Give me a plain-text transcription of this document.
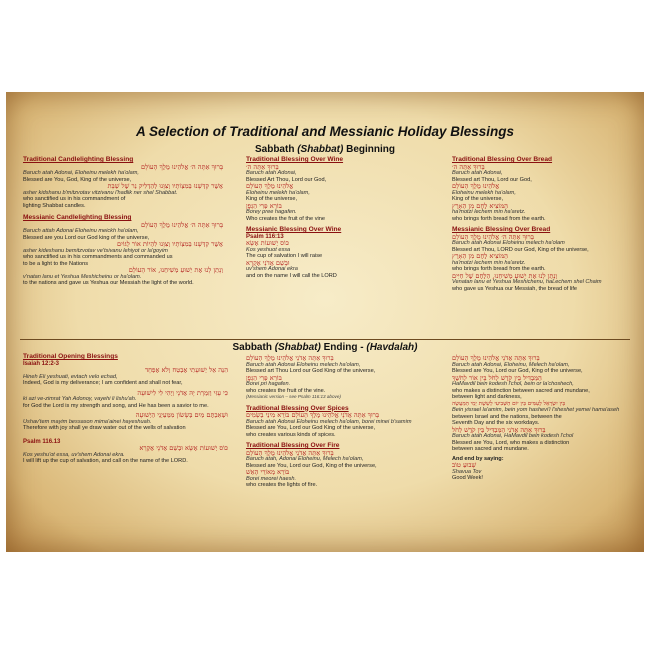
A Selection of Traditional and Messianic Holiday Blessings
Sabbath (Shabbat) Beginning
Traditional Candlelighting Blessing
בָּרוּךְ אַתָּה ה׳ אֱלֹהֵינוּ מֶלֶךְ הָעוֹלָם
Baruch atah Adonai, Eloheinu melekh ha'olam,
Blessed are You, God, King of the universe,
אֲשֶׁר קִדְּשָׁנוּ בְּמִצְוֹתָיו וְצִוָּנוּ לְהַדְלִיק נֵר שֶׁל שַׁבָּת
asher kidshanu b'mitzvotav vitzivanu l'hadlik ner shel Shabbat.
who sanctified us in his commandment of
lighting Shabbat candles.
Messianic Candlelighting Blessing
בָּרוּךְ אַתָּה ה׳ אֱלֹהֵינוּ מֶלֶךְ הָעוֹלָם
Baruch attah Adonai Eloheinu meickh ha'olam,
Blessed are you Lord our God king of the universe,
אֲשֶׁר קִדְּשָׁנוּ בְּמִצְוֹתָיו וְצִוָּנוּ לִהְיוֹת אוֹר לַגּוֹיִם
asher kideshanu bemitzvotav ve'tsivanu lehiyot or la'goyim
who sanctified us in his commandments and commanded us
to be a light to the Nations
וְנָתַן לָנוּ אֶת יֵשׁוּעַ מְשִׁיחֵנוּ, אוֹר הָעוֹלָם
v'natan lanu et Yeshua Meshicheinu or ha'olam.
to the nations and gave us Yeshua our Messiah the light of the world.
Traditional Blessing Over Wine
בָּרוּךְ אַתָּה ה׳
Baruch atah Adonai,
Blessed Art Thou, Lord our God,
אֱלֹהֵינוּ מֶלֶךְ הָעוֹלָם
Eloheinu melekh ha'olam,
King of the universe,
בּוֹרֵא פְּרִי הַגָּפֶן
Borey pree hagafen.
Who creates the fruit of the vine
Messianic Blessing Over Wine
Psalm 116:13
כּוֹס יְשׁוּעוֹת אֶשָּׂא
Kos yeshuot essa
The cup of salvation I will raise
וּבְשֵׁם אֲדֹנָי אֶקְרָא
uv'shem Adonai ekra
and on the name I will call the LORD
Traditional Blessing Over Bread
בָּרוּךְ אַתָּה ה׳
Baruch atah Adonai,
Blessed art Thou, Lord our God,
אֱלֹהֵינוּ מֶלֶךְ הָעוֹלָם
Eloheinu melekh ha'olam,
King of the universe,
הַמּוֹצִיא לֶחֶם מִן הָאָרֶץ
ha'motzi lechem min ha'aretz.
who brings forth bread from the earth.
Messianic Blessing Over Bread
בָּרוּךְ אַתָּה ה׳ אֱלֹהֵינוּ מֶלֶךְ הָעוֹלָם
Baruch atah Adonai Eloheinu melech ha'olam
Blessed art Thou, LORD our God, King of the universe,
הַמּוֹצִיא לֶחֶם מִן הָאָרֶץ
ha'motzi lechem min ha'aretz.
who brings forth bread from the earth.
וְנָתַן לָנוּ אֶת יֵשׁוּעַ מְשִׁיחֵנוּ, הַלֶּחֶם שֶׁל חַיִּים
Venatan lanu et Yeshua Meshichenu, haLechem shel Chaim
who gave us Yeshua our Messiah, the bread of life
Sabbath (Shabbat) Ending - (Havdalah)
Traditional Opening Blessings
Isaiah 12:2-3
הִנֵּה אֵל יְשׁוּעָתִי אֶבְטַח וְלֹא אֶפְחָד
Hineh Eli yeshuati, evtach velo echad,
Indeed, God is my deliverance; I am confident and shall not fear,
כִּי עָזִּי וְזִמְרָת יָהּ אֲדֹנָי וַיְהִי לִי לִישׁוּעָה
ki azi ve-zimrat Yah Adonoy, vayehi li lishu'ah.
for God the Lord is my strength and song, and He has been a savior to me.
וּשְׁאַבְתֶּם מַיִם בְּשָׂשׂוֹן מִמַּעַיְנֵי הַיְשׁוּעָה
Ushav'tem mayim bessason mima'ainei hayeshuah.
Therefore with joy shall ye draw water out of the wells of salvation
Psalm 116.13
כּוֹס יְשׁוּעוֹת אֶשָּׂא וּבְשֵׁם אֲדֹנָי אֶקְרָא
Kos yeshu'ot essa, uv'shem Adonai ekra.
I will lift up the cup of salvation, and call on the name of the LORD.
בָּרוּךְ אַתָּה אֲדֹנָי אֱלֹהֵינוּ מֶלֶךְ הָעוֹלָם
Baruch atah Adonai Eloheinu melech ha'olam,
Blessed art Thou Lord our God King of the universe,
בּוֹרֵא פְּרִי הַגָּפֶן
Borei pri hagafen.
who creates the fruit of the vine.
(Messianic version – see Psalm 116:13 above)
Traditional Blessing Over Spices
בָּרוּךְ אַתָּה אֲדֹנָי אֱלֹהֵינוּ מֶלֶךְ הָעוֹלָם בּוֹרֵא מִינֵי בְשָׂמִים
Baruch atah Adonai Eloheinu melech ha'olam, borei minei b'samim
Blessed are You, Lord our God King of the universe,
who creates various kinds of spices.
Traditional Blessing Over Fire
בָּרוּךְ אַתָּה אֲדֹנָי אֱלֹהֵינוּ מֶלֶךְ הָעוֹלָם
Baruch atah, Adonai Eloheinu, Melech ha'olam,
Blessed are You, Lord our God, King of the universe,
בּוֹרֵא מְאוֹרֵי הָאֵשׁ
Borei meorei haesh.
who creates the lights of fire.
בָּרוּךְ אַתָּה אֲדֹנָי אֱלֹהֵינוּ מֶלֶךְ הָעוֹלָם
Baruch atah Adonai, Eloheinu, Melech ha'olam,
Blessed are You, Lord our God, King of the universe,
הַמַּבְדִּיל בֵּין קֹדֶשׁ לְחֹל בֵּין אוֹר לְחֹשֶׁךְ
HaMavdil bein kodesh l'chol, bein or la'choshech,
who makes a distinction between sacred and mundane,
between light and darkness,
בֵּין יִשְׂרָאֵל לָעַמִּים בֵּין יוֹם הַשְּׁבִיעִי לְשֵׁשֶׁת יְמֵי הַמַּעֲשֶׂה
Bein yisrael la'amim, bein yom hashevi'i l'sheshet yemei hama'aseh
between Israel and the nations, between the
Seventh Day and the six workdays.
בָּרוּךְ אַתָּה אֲדֹנָי הַמַּבְדִּיל בֵּין קֹדֶשׁ לְחֹל
Baruch atah Adonai, HaMavdil bein kodesh l'chol
Blessed are You, Lord, who makes a distinction
between sacred and mundane.
And end by saying:
שָׁבוּעַ טוֹב
Shavua Tov
Good Week!
